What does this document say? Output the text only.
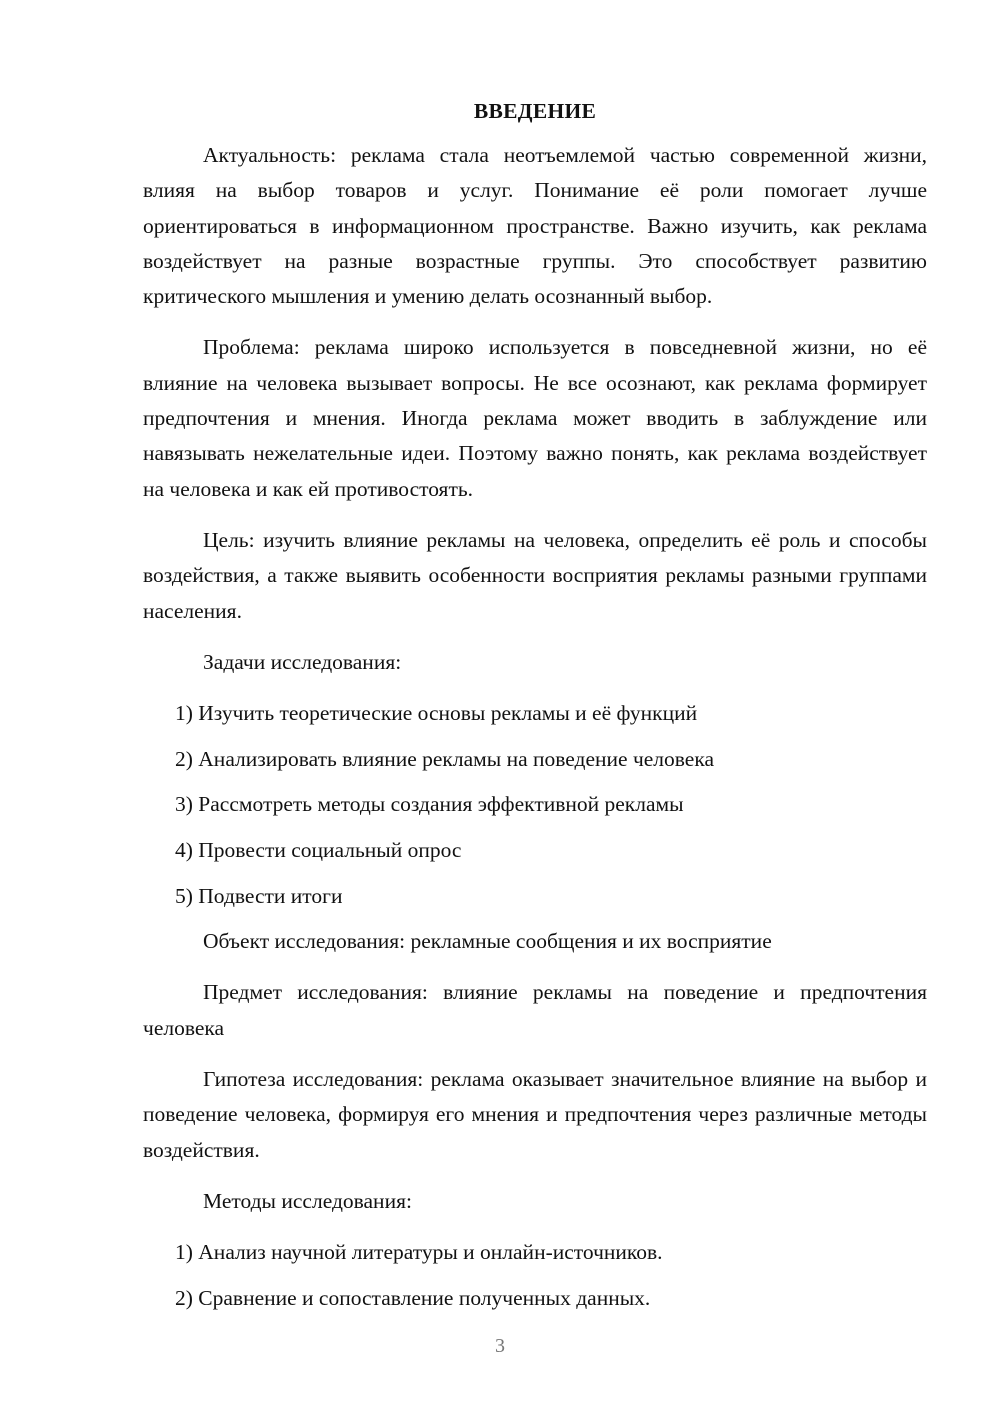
ВВЕДЕНИЕ

Актуальность: реклама стала неотъемлемой частью современной жизни, влияя на выбор товаров и услуг. Понимание её роли помогает лучше ориентироваться в информационном пространстве. Важно изучить, как реклама воздействует на разные возрастные группы. Это способствует развитию критического мышления и умению делать осознанный выбор.

Проблема: реклама широко используется в повседневной жизни, но её влияние на человека вызывает вопросы. Не все осознают, как реклама формирует предпочтения и мнения. Иногда реклама может вводить в заблуждение или навязывать нежелательные идеи. Поэтому важно понять, как реклама воздействует на человека и как ей противостоять.

Цель: изучить влияние рекламы на человека, определить её роль и способы воздействия, а также выявить особенности восприятия рекламы разными группами населения.

Задачи исследования:

1) Изучить теоретические основы рекламы и её функций
2) Анализировать влияние рекламы на поведение человека
3) Рассмотреть методы создания эффективной рекламы
4) Провести социальный опрос
5) Подвести итоги

Объект исследования: рекламные сообщения и их восприятие

Предмет исследования: влияние рекламы на поведение и предпочтения человека

Гипотеза исследования: реклама оказывает значительное влияние на выбор и поведение человека, формируя его мнения и предпочтения через различные методы воздействия.

Методы исследования:

1) Анализ научной литературы и онлайн-источников.
2) Сравнение и сопоставление полученных данных.
3
